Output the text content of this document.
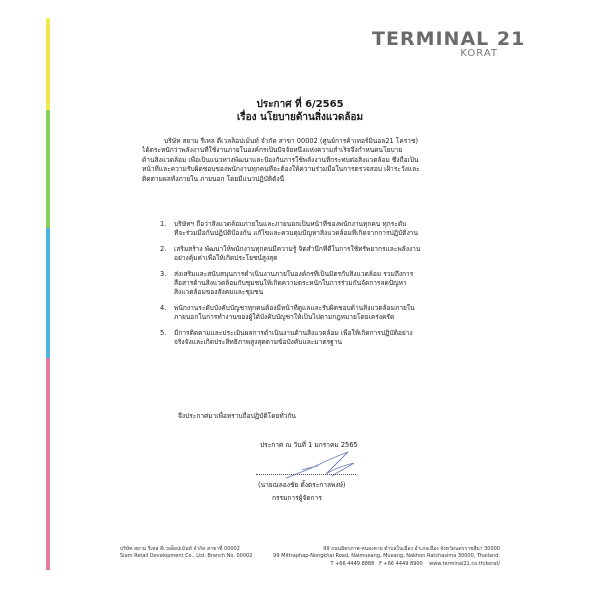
TERMINAL 21
KORAT
ประกาศ ที่ 6/2565
เรื่อง นโยบายด้านสิ่งแวดล้อม
บริษัท สยาม รีเทล ดีเวลล็อปเม้นท์ จำกัด สาขา 00002 (ศูนย์การค้าเทอร์มินอล21 โคราช)
ได้ตระหนักว่าพลังงานที่ใช้งานภายในองค์กรเป็นปัจจัยหนึ่งแห่งความสำเร็จจึงกำหนดนโยบาย
ด้านสิ่งแวดล้อม เพื่อเป็นแนวทางพัฒนาและป้องกันการใช้พลังงานที่กระทบต่อสิ่งแวดล้อม ซึ่งถือเป็น
หน้าที่และความรับผิดชอบของพนักงานทุกคนที่จะต้องให้ความร่วมมือในการตรวจสอบ เฝ้าระวังและ
ติดตามผลทั้งภายใน ภายนอก โดยมีแนวปฏิบัติดังนี้
1.	บริษัทฯ ถือว่าสิ่งแวดล้อมภายในและภายนอกเป็นหน้าที่ของพนักงานทุกคน ทุกระดับ
ที่จะร่วมมือกันปฏิบัติป้องกัน แก้ไขและควบคุมปัญหาสิ่งแวดล้อมที่เกิดจากการปฏิบัติงาน
2.	เสริมสร้าง พัฒนาให้พนักงานทุกคนมีความรู้ จิตสำนึกที่ดีในการใช้ทรัพยากรและพลังงาน
อย่างคุ้มค่าเพื่อให้เกิดประโยชน์สูงสุด
3.	ส่งเสริมและสนับสนุนการดำเนินงานภายในองค์กรที่เป็นมิตรกับสิ่งแวดล้อม รวมถึงการ
สื่อสารด้านสิ่งแวดล้อมกับชุมชนให้เกิดความตระหนักในการร่วมกันจัดการลดปัญหา
สิ่งแวดล้อมของสังคมและชุมชน
4.	พนักงานระดับบังคับบัญชาทุกคนต้องมีหน้าที่ดูแลและรับผิดชอบด้านสิ่งแวดล้อมภายใน
ภายนอกในการทำงานของผู้ใต้บังคับบัญชาให้เป็นไปตามกฎหมายโดยเคร่งครัด
5.	มีการติดตามและประเมินผลการดำเนินงานด้านสิ่งแวดล้อม เพื่อให้เกิดการปฏิบัติอย่าง
จริงจังและเกิดประสิทธิภาพสูงสุดตามข้อบังคับและมาตรฐาน
จึงประกาศมาเพื่อทราบถือปฏิบัติโดยทั่วกัน
ประกาศ ณ วันที่ 1 มกราคม 2565
(นายณลองชัย ตั้งตระกาลพงษ์)
กรรมการผู้จัดการ
บริษัท สยาม รีเทล ดีเวลล็อปเม้นท์ จำกัด สาขาที่ 00002	99 ถนนมิตรภาพ-หนองคาย ตำบลในเมือง อำเภอเมือง จังหวัดนครราชสีมา 30000
Siam Retail Development Co., Ltd. Branch No. 00002	99 Mittraphap-Nongkhai Road, Naimueang, Mueang, Nakhon Ratchasima 30000, Thailand.
T +66 4449 8888 F +66 4449 8900 www.terminal21.co.th/korat/
